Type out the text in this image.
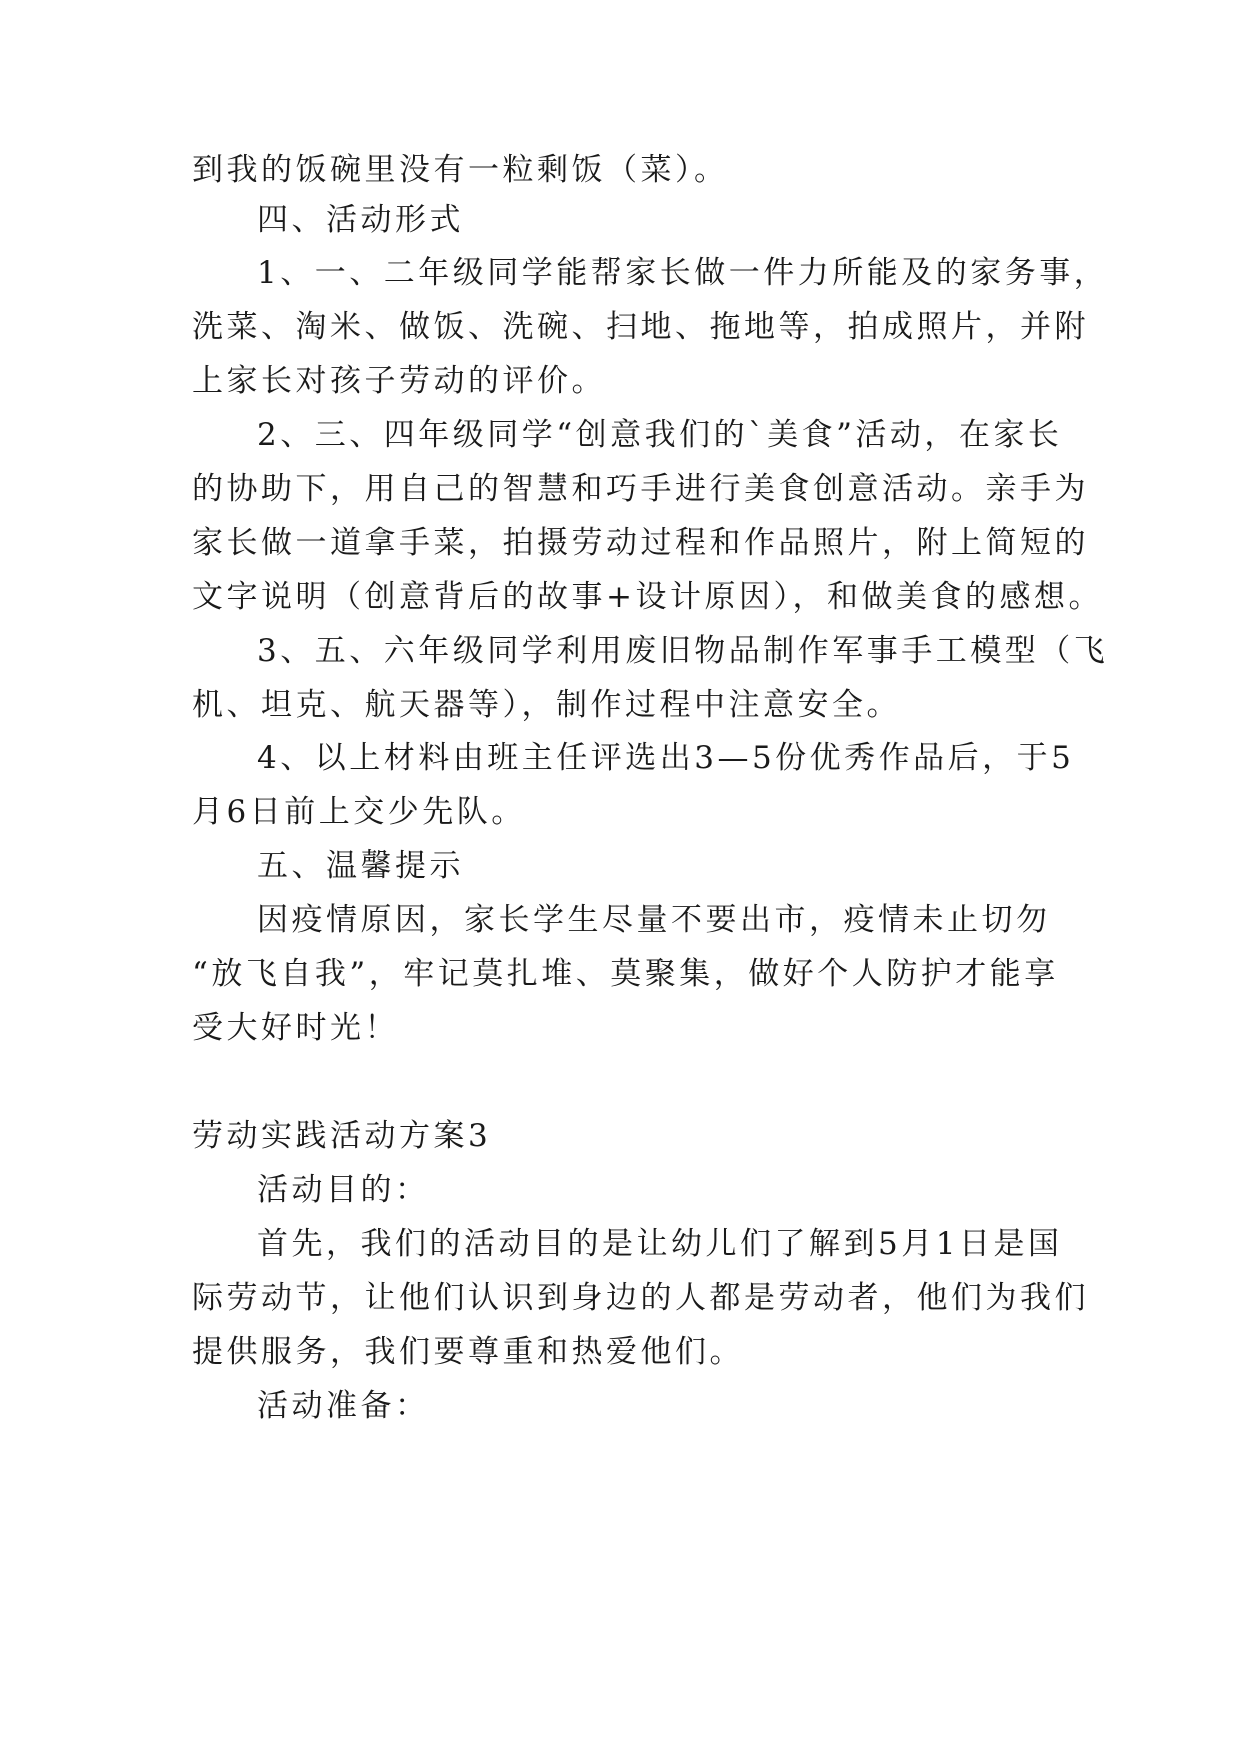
到我的饭碗里没有一粒剩饭（菜）。
四、活动形式
1、一、二年级同学能帮家长做一件力所能及的家务事，
洗菜、淘米、做饭、洗碗、扫地、拖地等，拍成照片，并附
上家长对孩子劳动的评价。
2、三、四年级同学“创意我们的`美食”活动，在家长
的协助下，用自己的智慧和巧手进行美食创意活动。亲手为
家长做一道拿手菜，拍摄劳动过程和作品照片，附上简短的
文字说明（创意背后的故事+设计原因），和做美食的感想。
3、五、六年级同学利用废旧物品制作军事手工模型（飞
机、坦克、航天器等），制作过程中注意安全。
4、以上材料由班主任评选出3—5份优秀作品后，于5
月6日前上交少先队。
五、温馨提示
因疫情原因，家长学生尽量不要出市，疫情未止切勿
“放飞自我”，牢记莫扎堆、莫聚集，做好个人防护才能享
受大好时光！
劳动实践活动方案3
活动目的：
首先，我们的活动目的是让幼儿们了解到5月1日是国
际劳动节，让他们认识到身边的人都是劳动者，他们为我们
提供服务，我们要尊重和热爱他们。
活动准备：
